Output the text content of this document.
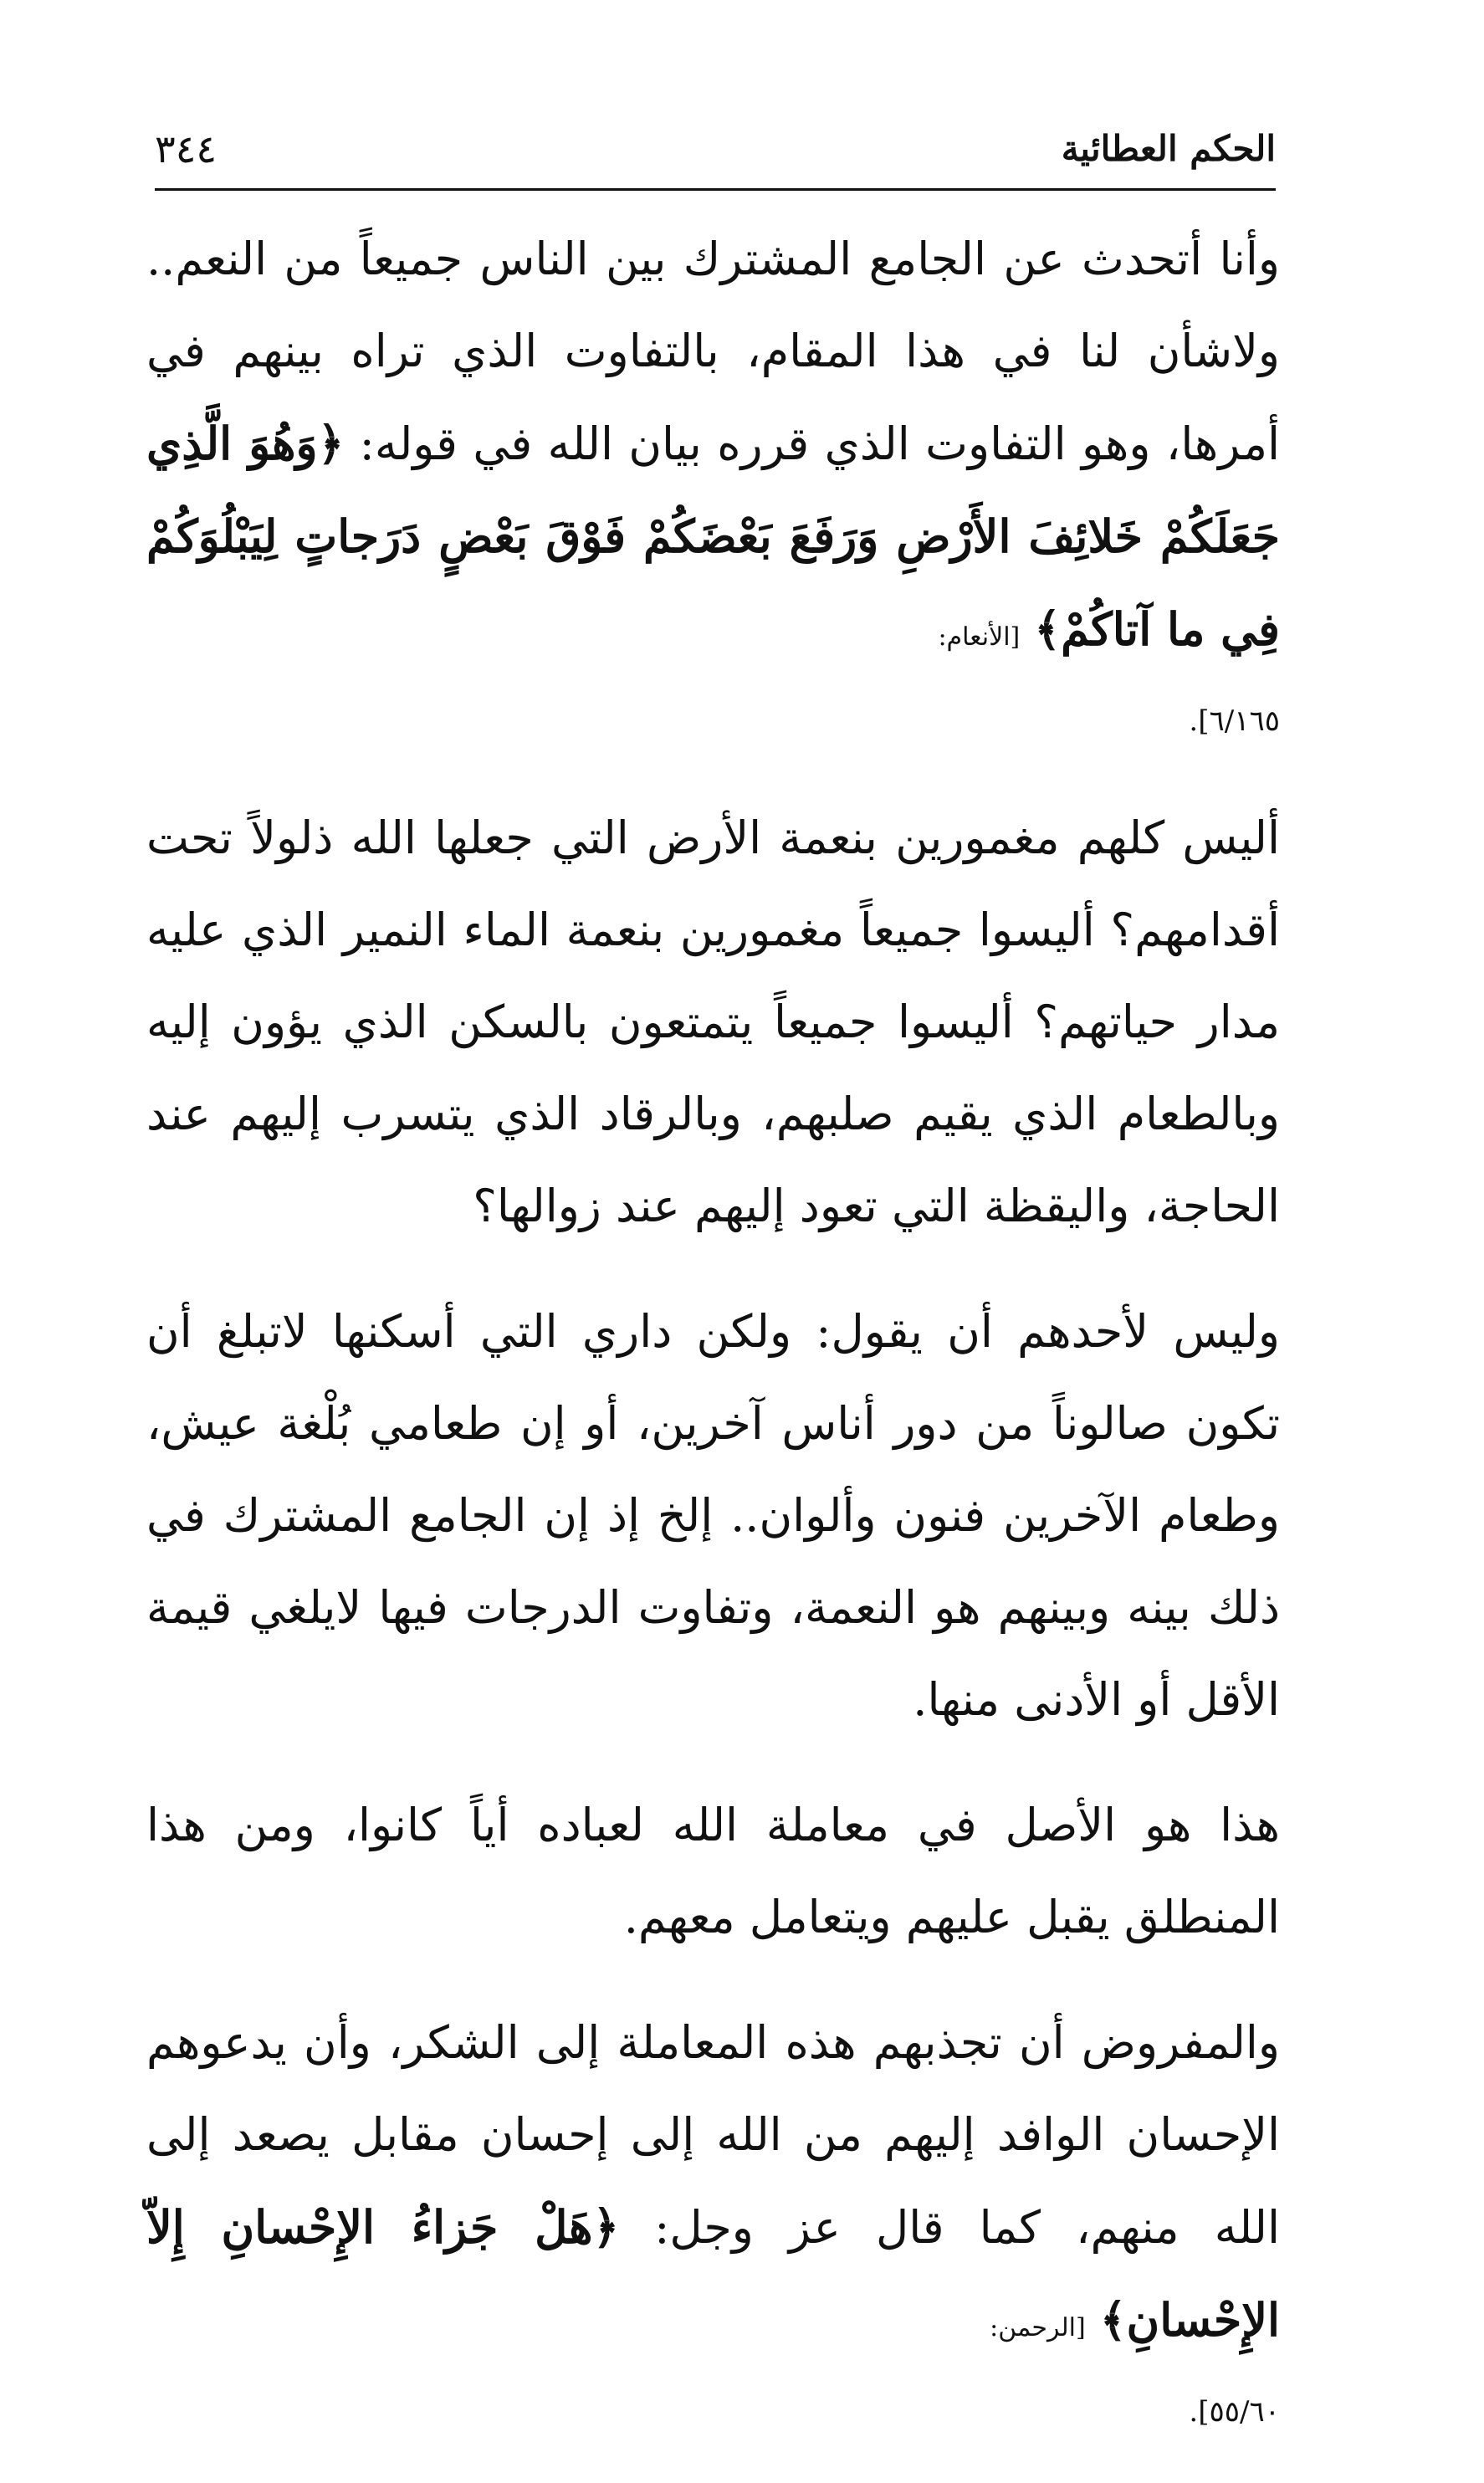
الحكم العطائية
٣٤٤

وأنا أتحدث عن الجامع المشترك بين الناس جميعاً من النعم.. ولاشأن لنا في هذا المقام، بالتفاوت الذي تراه بينهم في أمرها، وهو التفاوت الذي قرره بيان الله في قوله: ﴿وَهُوَ الَّذِي جَعَلَكُمْ خَلائِفَ الأَرْضِ وَرَفَعَ بَعْضَكُمْ فَوْقَ بَعْضٍ دَرَجاتٍ لِيَبْلُوَكُمْ فِي ما آتاكُمْ﴾ [الأنعام:
٦/١٦٥].

أليس كلهم مغمورين بنعمة الأرض التي جعلها الله ذلولاً تحت أقدامهم؟ أليسوا جميعاً مغمورين بنعمة الماء النمير الذي عليه مدار حياتهم؟ أليسوا جميعاً يتمتعون بالسكن الذي يؤون إليه وبالطعام الذي يقيم صلبهم، وبالرقاد الذي يتسرب إليهم عند الحاجة، واليقظة التي تعود إليهم عند زوالها؟

وليس لأحدهم أن يقول: ولكن داري التي أسكنها لاتبلغ أن تكون صالوناً من دور أناس آخرين، أو إن طعامي بُلْغة عيش، وطعام الآخرين فنون وألوان.. إلخ إذ إن الجامع المشترك في ذلك بينه وبينهم هو النعمة، وتفاوت الدرجات فيها لايلغي قيمة الأقل أو الأدنى منها.

هذا هو الأصل في معاملة الله لعباده أياً كانوا، ومن هذا المنطلق يقبل عليهم ويتعامل معهم.

والمفروض أن تجذبهم هذه المعاملة إلى الشكر، وأن يدعوهم الإحسان الوافد إليهم من الله إلى إحسان مقابل يصعد إلى الله منهم، كما قال عز وجل: ﴿هَلْ جَزاءُ الإِحْسانِ إِلاّ الإِحْسانِ﴾ [الرحمن:
٥٥/٦٠].
